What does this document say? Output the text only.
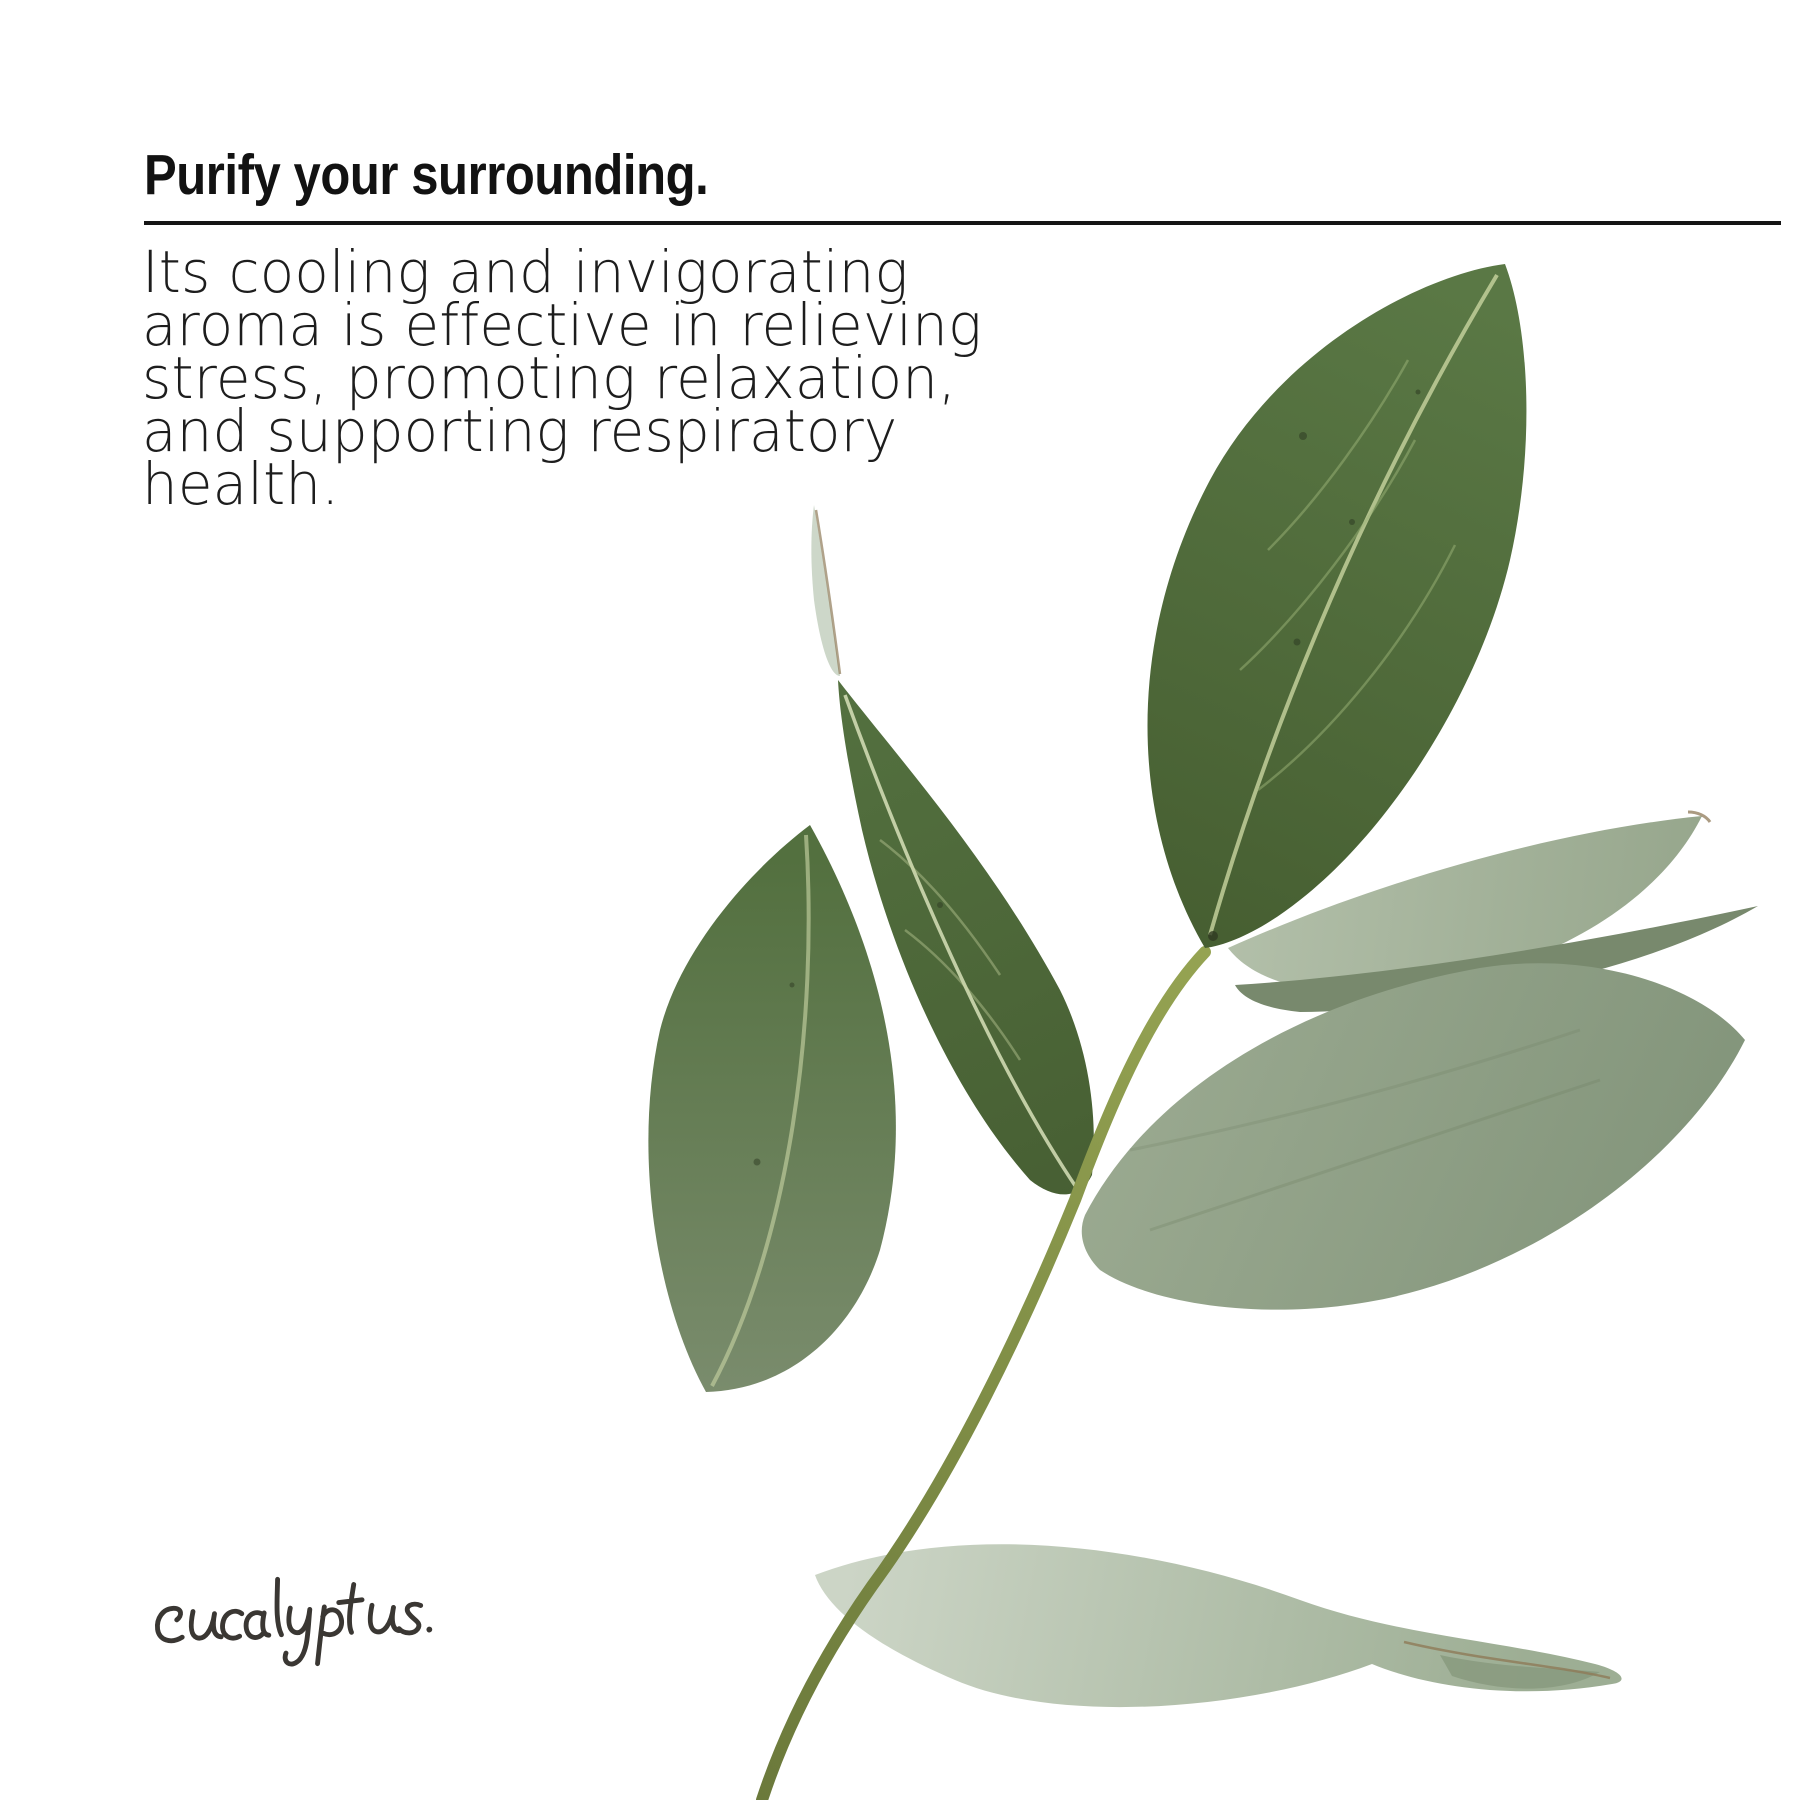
Purify your surrounding.

Its cooling and invigorating
aroma is effective in relieving
stress, promoting relaxation,
and supporting respiratory
health.
